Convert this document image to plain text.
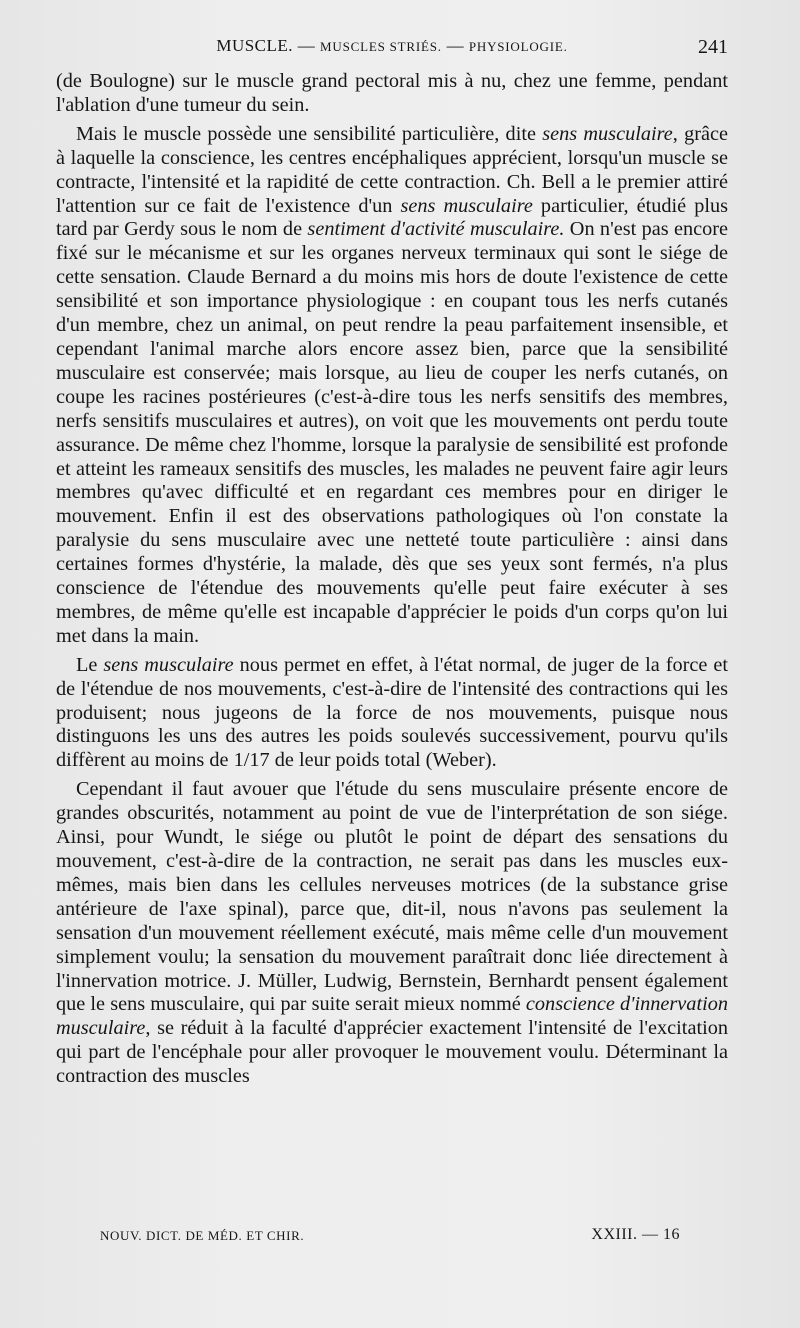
MUSCLE. — MUSCLES STRIÉS. — PHYSIOLOGIE.	241

(de Boulogne) sur le muscle grand pectoral mis à nu, chez une femme, pendant l'ablation d'une tumeur du sein.

Mais le muscle possède une sensibilité particulière, dite sens musculaire, grâce à laquelle la conscience, les centres encéphaliques apprécient, lorsqu'un muscle se contracte, l'intensité et la rapidité de cette contraction. Ch. Bell a le premier attiré l'attention sur ce fait de l'existence d'un sens musculaire particulier, étudié plus tard par Gerdy sous le nom de sentiment d'activité musculaire. On n'est pas encore fixé sur le mécanisme et sur les organes nerveux terminaux qui sont le siége de cette sensation. Claude Bernard a du moins mis hors de doute l'existence de cette sensibilité et son importance physiologique : en coupant tous les nerfs cutanés d'un membre, chez un animal, on peut rendre la peau parfaitement insensible, et cependant l'animal marche alors encore assez bien, parce que la sensibilité musculaire est conservée; mais lorsque, au lieu de couper les nerfs cutanés, on coupe les racines postérieures (c'est-à-dire tous les nerfs sensitifs des membres, nerfs sensitifs musculaires et autres), on voit que les mouvements ont perdu toute assurance. De même chez l'homme, lorsque la paralysie de sensibilité est profonde et atteint les rameaux sensitifs des muscles, les malades ne peuvent faire agir leurs membres qu'avec difficulté et en regardant ces membres pour en diriger le mouvement. Enfin il est des observations pathologiques où l'on constate la paralysie du sens musculaire avec une netteté toute particulière : ainsi dans certaines formes d'hystérie, la malade, dès que ses yeux sont fermés, n'a plus conscience de l'étendue des mouvements qu'elle peut faire exécuter à ses membres, de même qu'elle est incapable d'apprécier le poids d'un corps qu'on lui met dans la main.

Le sens musculaire nous permet en effet, à l'état normal, de juger de la force et de l'étendue de nos mouvements, c'est-à-dire de l'intensité des contractions qui les produisent; nous jugeons de la force de nos mouvements, puisque nous distinguons les uns des autres les poids soulevés successivement, pourvu qu'ils diffèrent au moins de 1/17 de leur poids total (Weber).

Cependant il faut avouer que l'étude du sens musculaire présente encore de grandes obscurités, notamment au point de vue de l'interprétation de son siége. Ainsi, pour Wundt, le siége ou plutôt le point de départ des sensations du mouvement, c'est-à-dire de la contraction, ne serait pas dans les muscles eux-mêmes, mais bien dans les cellules nerveuses motrices (de la substance grise antérieure de l'axe spinal), parce que, dit-il, nous n'avons pas seulement la sensation d'un mouvement réellement exécuté, mais même celle d'un mouvement simplement voulu; la sensation du mouvement paraîtrait donc liée directement à l'innervation motrice. J. Müller, Ludwig, Bernstein, Bernhardt pensent également que le sens musculaire, qui par suite serait mieux nommé conscience d'innervation musculaire, se réduit à la faculté d'apprécier exactement l'intensité de l'excitation qui part de l'encéphale pour aller provoquer le mouvement voulu. Déterminant la contraction des muscles

NOUV. DICT. DE MÉD. ET CHIR.	XXIII. — 16
